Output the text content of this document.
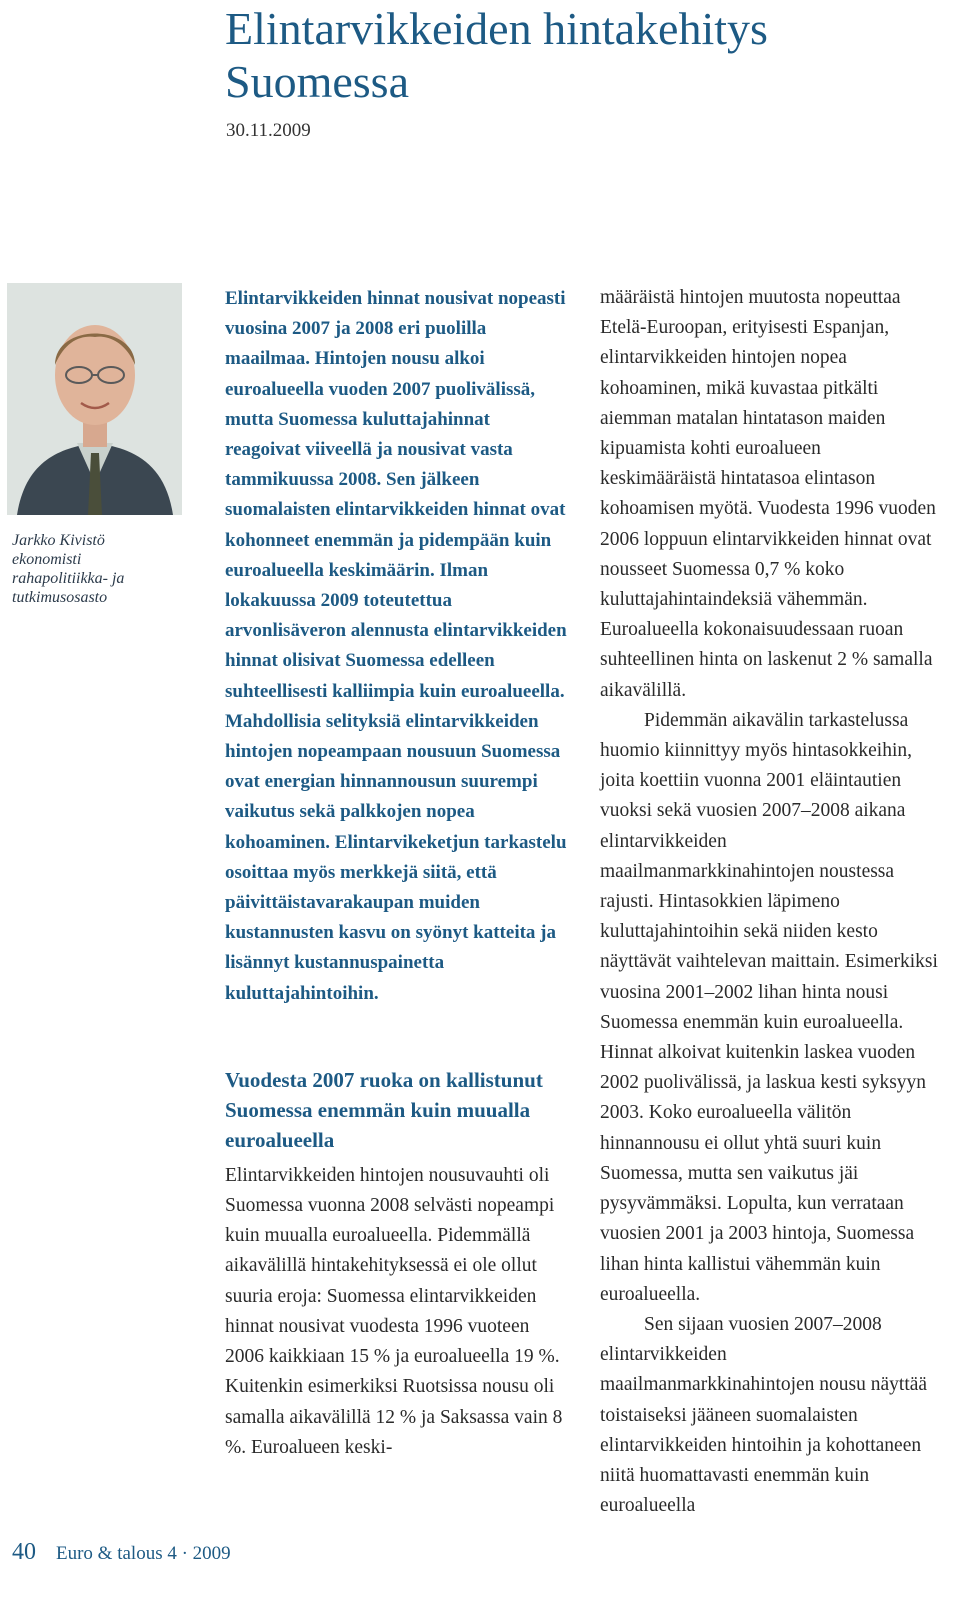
Elintarvikkeiden hintakehitys Suomessa
30.11.2009
Jarkko Kivistö
ekonomisti
rahapolitiikka- ja
tutkimusosasto

Elintarvikkeiden hinnat nousivat nopeasti vuosina 2007 ja 2008 eri puolilla maailmaa. Hintojen nousu alkoi euroalueella vuoden 2007 puolivälissä, mutta Suomessa kuluttajahinnat reagoivat viiveellä ja nousivat vasta tammikuussa 2008. Sen jälkeen suomalaisten elintarvikkeiden hinnat ovat kohonneet enemmän ja pidempään kuin euroalueella keskimäärin. Ilman lokakuussa 2009 toteutettua arvonlisäveron alennusta elintarvikkeiden hinnat olisivat Suomessa edelleen suhteellisesti kalliimpia kuin euroalueella. Mahdollisia selityksiä elintarvikkeiden hintojen nopeampaan nousuun Suomessa ovat energian hinnannousun suurempi vaikutus sekä palkkojen nopea kohoaminen. Elintarvikeketjun tarkastelu osoittaa myös merkkejä siitä, että päivittäistavarakaupan muiden kustannusten kasvu on syönyt katteita ja lisännyt kustannuspainetta kuluttajahintoihin.

Vuodesta 2007 ruoka on kallistunut Suomessa enemmän kuin muualla euroalueella

Elintarvikkeiden hintojen nousuvauhti oli Suomessa vuonna 2008 selvästi nopeampi kuin muualla euroalueella. Pidemmällä aikavälillä hintakehityksessä ei ole ollut suuria eroja: Suomessa elintarvikkeiden hinnat nousivat vuodesta 1996 vuoteen 2006 kaikkiaan 15 % ja euroalueella 19 %. Kuitenkin esimerkiksi Ruotsissa nousu oli samalla aikavälillä 12 % ja Saksassa vain 8 %. Euroalueen keski-

määräistä hintojen muutosta nopeuttaa Etelä-Euroopan, erityisesti Espanjan, elintarvikkeiden hintojen nopea kohoaminen, mikä kuvastaa pitkälti aiemman matalan hintatason maiden kipuamista kohti euroalueen keskimääräistä hintatasoa elintason kohoamisen myötä. Vuodesta 1996 vuoden 2006 loppuun elintarvikkeiden hinnat ovat nousseet Suomessa 0,7 % koko kuluttajahintaindeksiä vähemmän. Euroalueella kokonaisuudessaan ruoan suhteellinen hinta on laskenut 2 % samalla aikavälillä.

Pidemmän aikavälin tarkastelussa huomio kiinnittyy myös hintasokkeihin, joita koettiin vuonna 2001 eläintautien vuoksi sekä vuosien 2007–2008 aikana elintarvikkeiden maailmanmarkkinahintojen noustessa rajusti. Hintasokkien läpimeno kuluttajahintoihin sekä niiden kesto näyttävät vaihtelevan maittain. Esimerkiksi vuosina 2001–2002 lihan hinta nousi Suomessa enemmän kuin euroalueella. Hinnat alkoivat kuitenkin laskea vuoden 2002 puolivälissä, ja laskua kesti syksyyn 2003. Koko euroalueella välitön hinnannousu ei ollut yhtä suuri kuin Suomessa, mutta sen vaikutus jäi pysyvämmäksi. Lopulta, kun verrataan vuosien 2001 ja 2003 hintoja, Suomessa lihan hinta kallistui vähemmän kuin euroalueella.

Sen sijaan vuosien 2007–2008 elintarvikkeiden maailmanmarkkinahintojen nousu näyttää toistaiseksi jääneen suomalaisten elintarvikkeiden hintoihin ja kohottaneen niitä huomattavasti enemmän kuin euroalueella

40 Euro & talous 4 · 2009
